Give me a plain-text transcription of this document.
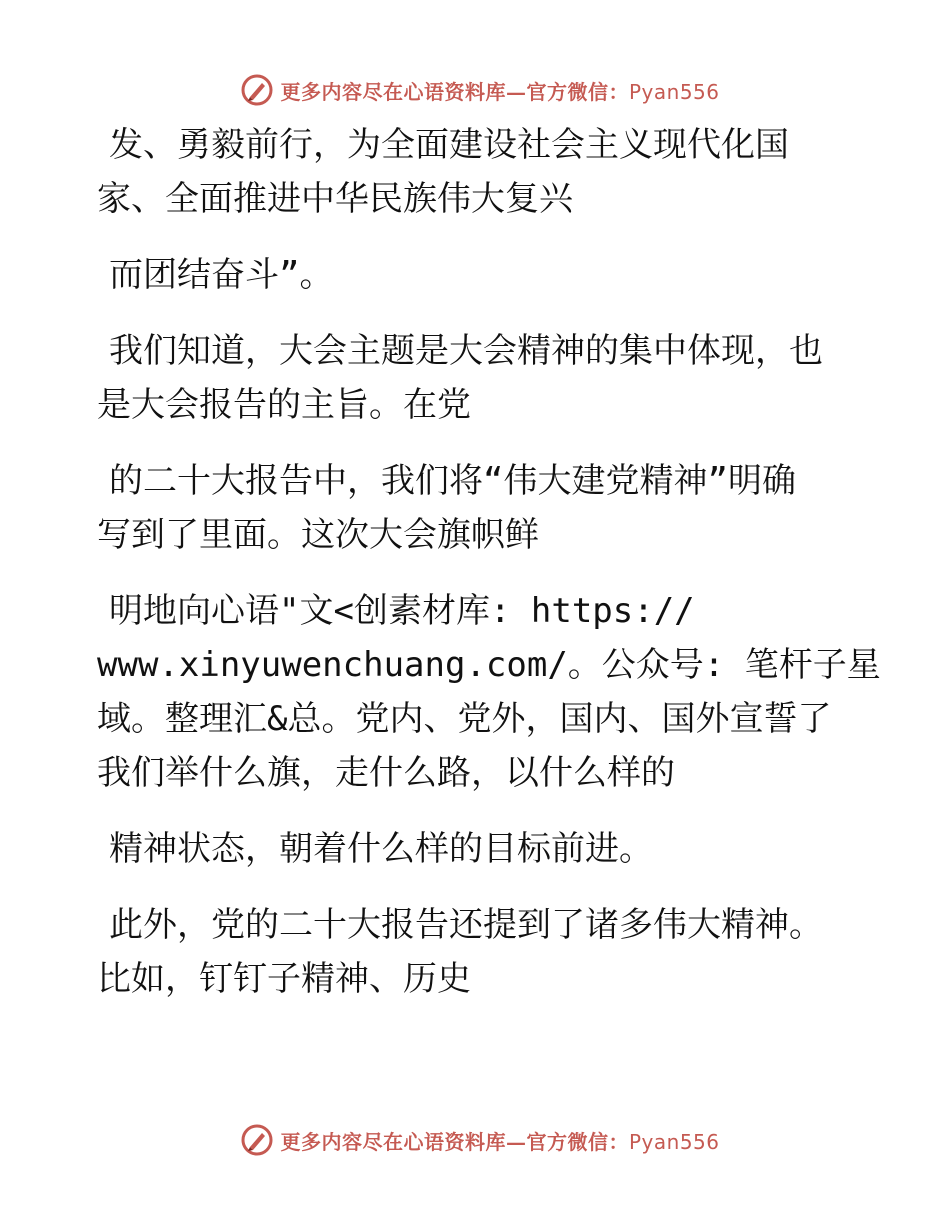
更多内容尽在心语资料库—官方微信：Pyan556

发、勇毅前行，为全面建设社会主义现代化国
家、全面推进中华民族伟大复兴

而团结奋斗”。

我们知道，大会主题是大会精神的集中体现，也
是大会报告的主旨。在党

的二十大报告中，我们将“伟大建党精神”明确
写到了里面。这次大会旗帜鲜

明地向心语"文<创素材库: https://
www.xinyuwenchuang.com/。公众号: 笔杆子星
域。整理汇&总。党内、党外，国内、国外宣誓了
我们举什么旗，走什么路，以什么样的

精神状态，朝着什么样的目标前进。

此外，党的二十大报告还提到了诸多伟大精神。
比如，钉钉子精神、历史

更多内容尽在心语资料库—官方微信：Pyan556
